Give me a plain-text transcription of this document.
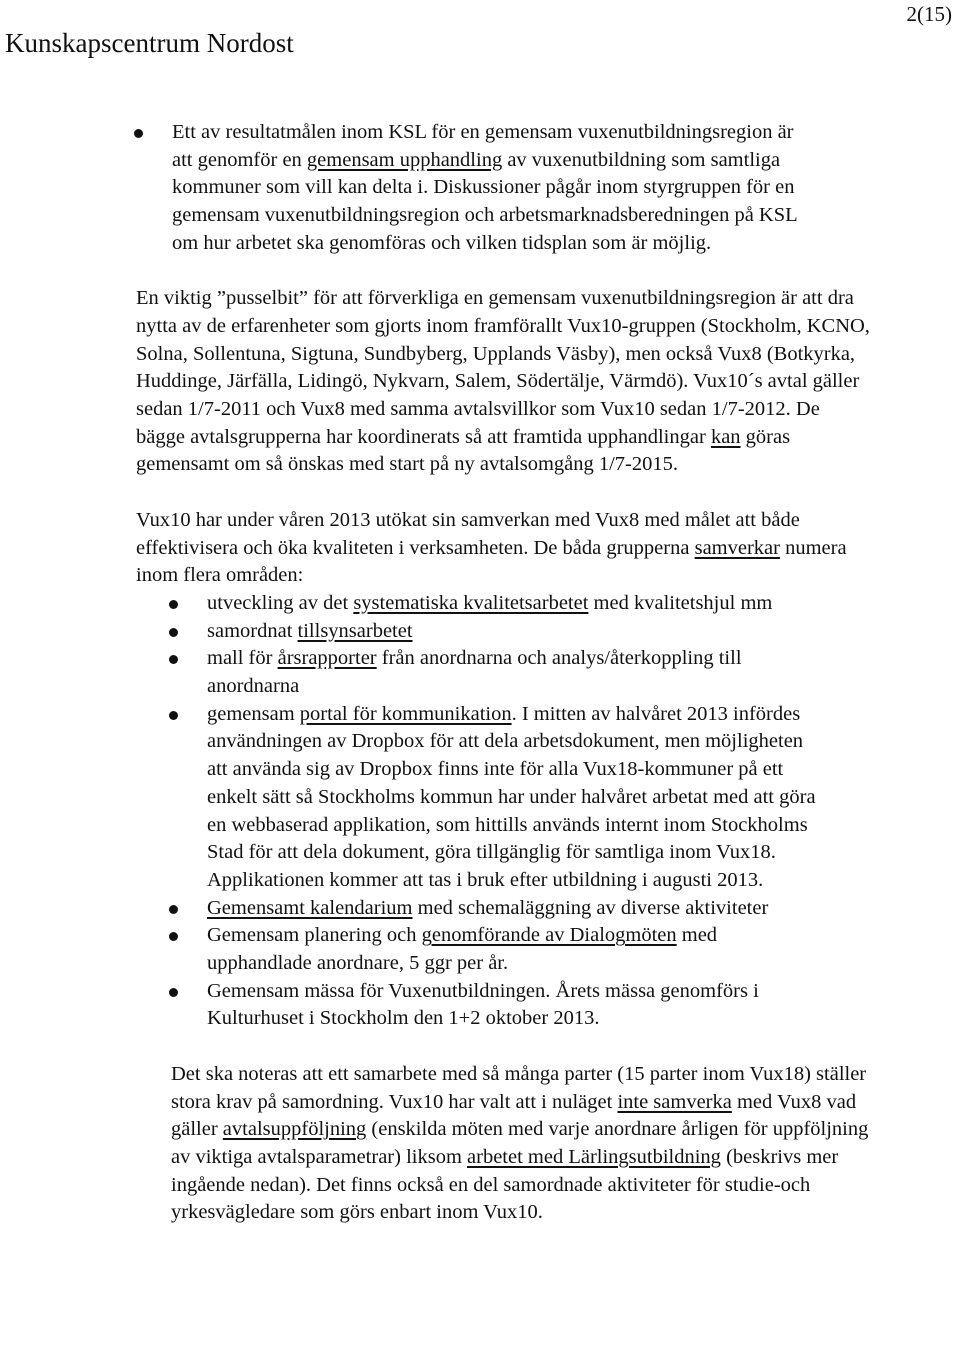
Kunskapscentrum Nordost
2(15)
Ett av resultatmålen inom KSL för en gemensam vuxenutbildningsregion är att genomför en gemensam upphandling av vuxenutbildning som samtliga kommuner som vill kan delta i. Diskussioner pågår inom styrgruppen för en gemensam vuxenutbildningsregion och arbetsmarknadsberedningen på KSL om hur arbetet ska genomföras och vilken tidsplan som är möjlig.

En viktig ”pusselbit” för att förverkliga en gemensam vuxenutbildningsregion är att dra nytta av de erfarenheter som gjorts inom framförallt Vux10-gruppen (Stockholm, KCNO, Solna, Sollentuna, Sigtuna, Sundbyberg, Upplands Väsby), men också Vux8 (Botkyrka, Huddinge, Järfälla, Lidingö, Nykvarn, Salem, Södertälje, Värmdö). Vux10´s avtal gäller sedan 1/7-2011 och Vux8 med samma avtalsvillkor som Vux10 sedan 1/7-2012. De bägge avtalsgrupperna har koordinerats så att framtida upphandlingar kan göras gemensamt om så önskas med start på ny avtalsomgång 1/7-2015.

Vux10 har under våren 2013 utökat sin samverkan med Vux8 med målet att både effektivisera och öka kvaliteten i verksamheten. De båda grupperna samverkar numera inom flera områden:

utveckling av det systematiska kvalitetsarbetet med kvalitetshjul mm
samordnat tillsynsarbetet
mall för årsrapporter från anordnarna och analys/återkoppling till anordnarna
gemensam portal för kommunikation. I mitten av halvåret 2013 infördes användningen av Dropbox för att dela arbetsdokument, men möjligheten att använda sig av Dropbox finns inte för alla Vux18-kommuner på ett enkelt sätt så Stockholms kommun har under halvåret arbetat med att göra en webbaserad applikation, som hittills används internt inom Stockholms Stad för att dela dokument, göra tillgänglig för samtliga inom Vux18. Applikationen kommer att tas i bruk efter utbildning i augusti 2013.
Gemensamt kalendarium med schemaläggning av diverse aktiviteter
Gemensam planering och genomförande av Dialogmöten med upphandlade anordnare, 5 ggr per år.
Gemensam mässa för Vuxenutbildningen. Årets mässa genomförs i Kulturhuset i Stockholm den 1+2 oktober 2013.

Det ska noteras att ett samarbete med så många parter (15 parter inom Vux18) ställer stora krav på samordning. Vux10 har valt att i nuläget inte samverka med Vux8 vad gäller avtalsuppföljning (enskilda möten med varje anordnare årligen för uppföljning av viktiga avtalsparametrar) liksom arbetet med Lärlingsutbildning (beskrivs mer ingående nedan). Det finns också en del samordnade aktiviteter för studie-och yrkesvägledare som görs enbart inom Vux10.
